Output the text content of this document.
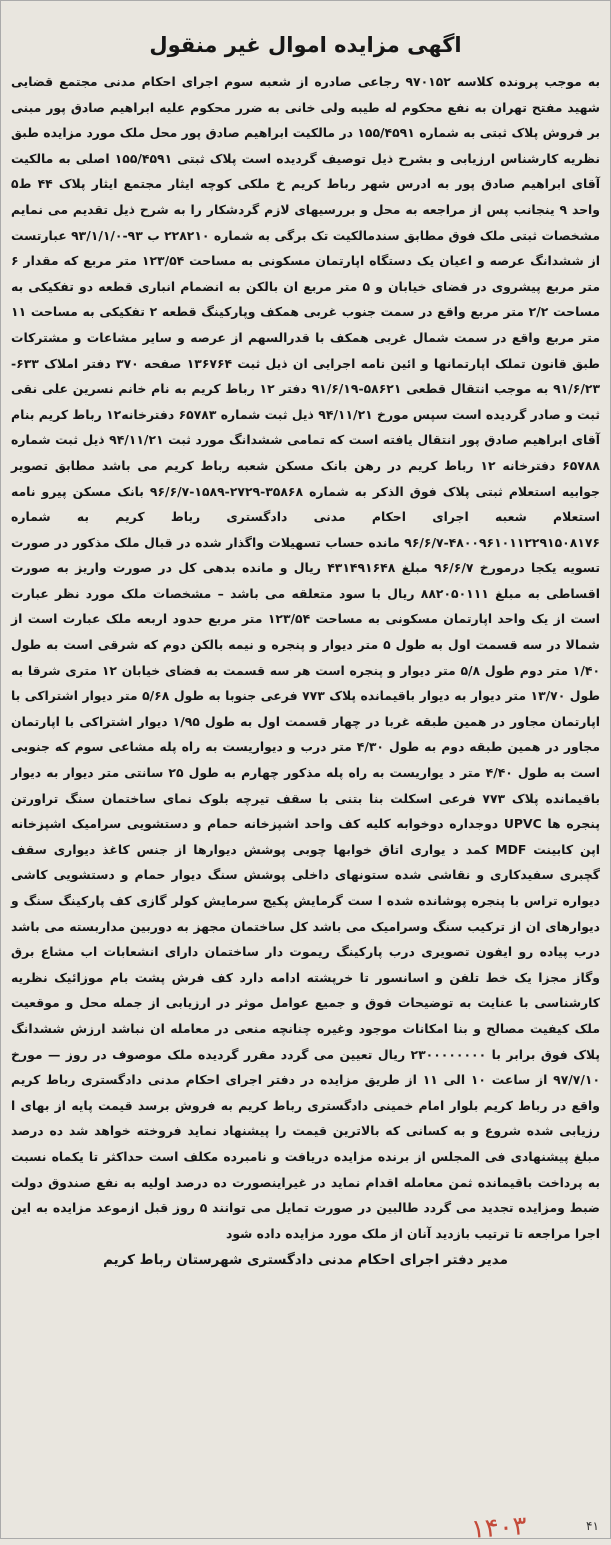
اگهی مزایده اموال غیر منقول
به موجب پرونده کلاسه ۹۷۰۱۵۲ رجاعی صادره از شعبه سوم اجرای احکام مدنی مجتمع قضایی شهید مفتح تهران به نفع محکوم له طیبه ولی خانی به ضرر محکوم علیه ابراهیم صادق پور مبنی بر فروش پلاک ثبتی به شماره ۱۵۵/۴۵۹۱ در مالکیت ابراهیم صادق پور محل ملک مورد مزایده طبق نظریه کارشناس ارزیابی و بشرح ذیل توصیف گردیده است پلاک ثبتی ۱۵۵/۴۵۹۱ اصلی به مالکیت آقای ابراهیم صادق پور به ادرس شهر رباط کریم خ ملکی کوچه ایثار مجتمع ایثار پلاک ۴۴ ط۵ واحد ۹ ینجانب پس از مراجعه به محل و بررسیهای لازم گردشکار را به شرح ذیل تقدیم می نمایم مشخصات ثبتی ملک فوق مطابق سندمالکیت تک برگی به شماره ۲۲۸۲۱۰ ب ۹۳-۹۳/۱/۱/۰ عبارتست از ششدانگ عرصه و اعیان یک دستگاه اپارتمان مسکونی به مساحت ۱۲۳/۵۴ متر مربع که مقدار ۶ متر مربع پیشروی در فضای خیابان و ۵ متر مربع ان بالکن به انضمام انباری قطعه دو تفکیکی به مساحت ۲/۲ متر مربع واقع در سمت جنوب غربی همکف وپارکینگ قطعه ۲ تفکیکی به مساحت ۱۱ متر مربع واقع در سمت شمال غربی همکف با قدرالسهم از عرصه و سایر مشاعات و مشترکات طبق قانون تملک اپارتمانها و ائین نامه اجرایی ان ذیل ثبت ۱۳۶۷۶۴ صفحه ۳۷۰ دفتر املاک ۶۳۳- ۹۱/۶/۲۳ به موجب انتقال قطعی ۵۸۶۲۱-۹۱/۶/۱۹ دفتر ۱۲ رباط کریم به نام خانم نسرین علی نقی ثبت و صادر گردیده است سپس مورخ ۹۴/۱۱/۲۱ ذیل ثبت شماره ۶۵۷۸۳ دفترخانه۱۲ رباط کریم بنام آقای ابراهیم صادق پور انتقال یافته است که تمامی ششدانگ مورد ثبت ۹۴/۱۱/۲۱ ذیل ثبت شماره ۶۵۷۸۸ دفترخانه ۱۲ رباط کریم در رهن بانک مسکن شعبه رباط کریم می باشد مطابق تصویر جوابیه استعلام ثبتی پلاک فوق الذکر به شماره ۳۵۸۶۸-۲۷۲۹-۱۵۸۹-۹۶/۶/۷ بانک مسکن پیرو نامه استعلام شعبه اجرای احکام مدنی دادگستری رباط کریم به شماره ۴۸۰۰۹۶۱۰۱۱۲۲۹۱۵۰۸۱۷۶-۹۶/۶/۷ مانده حساب تسهیلات واگذار شده در قبال ملک مذکور در صورت تسویه یکجا درمورخ ۹۶/۶/۷ مبلغ ۴۳۱۴۹۱۶۴۸ ریال و مانده بدهی کل در صورت واریز به صورت اقساطی به مبلغ ۸۸۲۰۵۰۱۱۱ ریال با سود متعلقه می باشد – مشخصات ملک مورد نظر عبارت است از یک واحد اپارتمان مسکونی به مساحت ۱۲۳/۵۴ متر مربع حدود اربعه ملک عبارت است از شمالا در سه قسمت اول به طول ۵ متر دیوار و پنجره و نیمه بالکن دوم که شرقی است به طول ۱/۴۰ متر دوم طول ۵/۸ متر دیوار و پنجره است هر سه قسمت به فضای خیابان ۱۲ متری شرقا به طول ۱۳/۷۰ متر دیوار به دیوار باقیمانده پلاک ۷۷۳ فرعی جنوبا به طول ۵/۶۸ متر دیوار اشتراکی با اپارتمان مجاور در همین طبقه غربا در چهار قسمت اول به طول ۱/۹۵ دیوار اشتراکی با اپارتمان مجاور در همین طبقه دوم به طول ۴/۳۰ متر درب و دیواریست به راه پله مشاعی سوم که جنوبی است به طول ۴/۴۰ متر د یواریست به راه پله مذکور چهارم به طول ۲۵ سانتی متر دیوار به دیوار باقیمانده پلاک ۷۷۳ فرعی اسکلت بنا بتنی با سقف تیرچه بلوک نمای ساختمان سنگ تراورتن پنجره ها UPVC دوجداره دوخوابه کلیه کف واحد اشپزخانه حمام و دستشویی سرامیک اشپزخانه اپن کابینت MDF کمد د یواری اتاق خوابها چوبی پوشش دیوارها از جنس کاغذ دیواری سقف گچبری سفیدکاری و نقاشی شده ستونهای داخلی پوشش سنگ دیوار حمام و دستشویی کاشی دیواره تراس با پنجره پوشانده شده ا ست گرمایش پکیج سرمایش کولر گازی کف پارکینگ سنگ و دیوارهای ان از ترکیب سنگ وسرامیک می باشد کل ساختمان مجهز به دوربین مداربسته می باشد درب پیاده رو ایفون تصویری درب پارکینگ ریموت دار ساختمان دارای انشعابات اب مشاع برق وگاز مجزا یک خط تلفن و اسانسور تا خرپشته ادامه دارد کف فرش پشت بام موزائیک نظریه کارشناسی با عنایت به توضیحات فوق و جمیع عوامل موثر در ارزیابی از جمله محل و موقعیت ملک کیفیت مصالح و بنا امکانات موجود وغیره چنانچه منعی در معامله ان نباشد ارزش ششدانگ پلاک فوق برابر با ۲۳۰۰۰۰۰۰۰۰ ریال تعیین می گردد مقرر گردیده ملک موصوف در روز — مورخ ۹۷/۷/۱۰ از ساعت ۱۰ الی ۱۱ از طریق مزایده در دفتر اجرای احکام مدنی دادگستری رباط کریم واقع در رباط کریم بلوار امام خمینی دادگستری رباط کریم به فروش برسد قیمت پایه از بهای ا رزیابی شده شروع و به کسانی که بالاترین قیمت را پیشنهاد نماید فروخته خواهد شد ده درصد مبلغ پیشنهادی فی المجلس از برنده مزایده دریافت و نامبرده مکلف است حداکثر تا یکماه نسبت به پرداخت باقیمانده ثمن معامله اقدام نماید در غیراینصورت ده درصد اولیه به نفع صندوق دولت ضبط ومزایده تجدید می گردد طالبین در صورت تمایل می توانند ۵ روز قبل ازموعد مزایده به این اجرا مراجعه تا ترتیب بازدید آنان از ملک مورد مزایده داده شود
مدیر دفتر اجرای احکام مدنی دادگستری شهرستان رباط کریم
۱۴۰۳	۴۱
